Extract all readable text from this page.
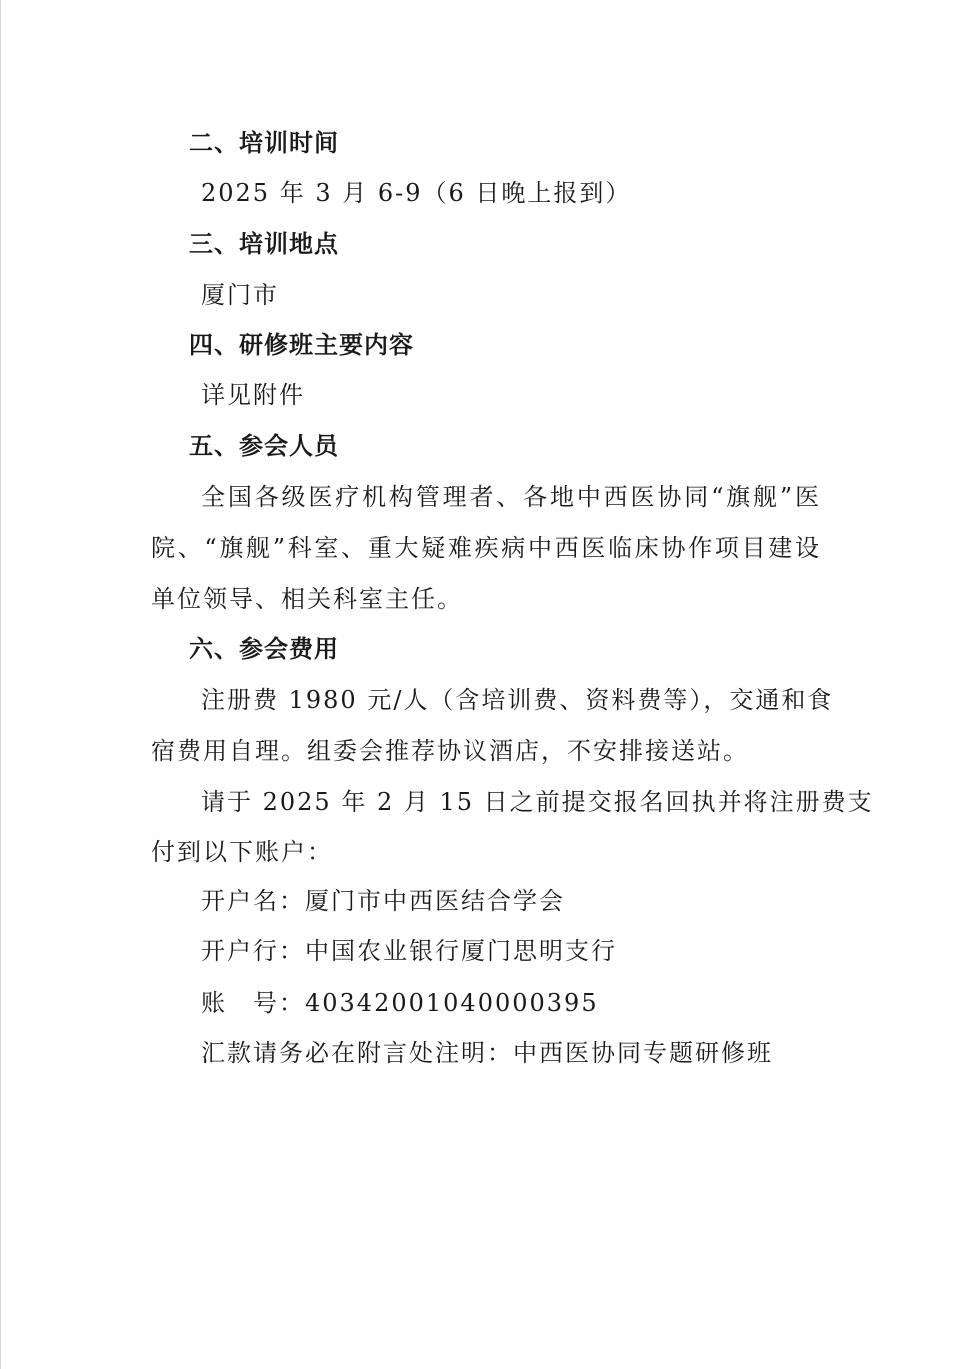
二、培训时间
2025 年 3 月 6-9（6 日晚上报到）
三、培训地点
厦门市
四、研修班主要内容
详见附件
五、参会人员
全国各级医疗机构管理者、各地中西医协同“旗舰”医
院、“旗舰”科室、重大疑难疾病中西医临床协作项目建设
单位领导、相关科室主任。
六、参会费用
注册费 1980 元/人（含培训费、资料费等），交通和食
宿费用自理。组委会推荐协议酒店，不安排接送站。
请于 2025 年 2 月 15 日之前提交报名回执并将注册费支
付到以下账户：
开户名：厦门市中西医结合学会
开户行：中国农业银行厦门思明支行
账　号：40342001040000395
汇款请务必在附言处注明：中西医协同专题研修班
